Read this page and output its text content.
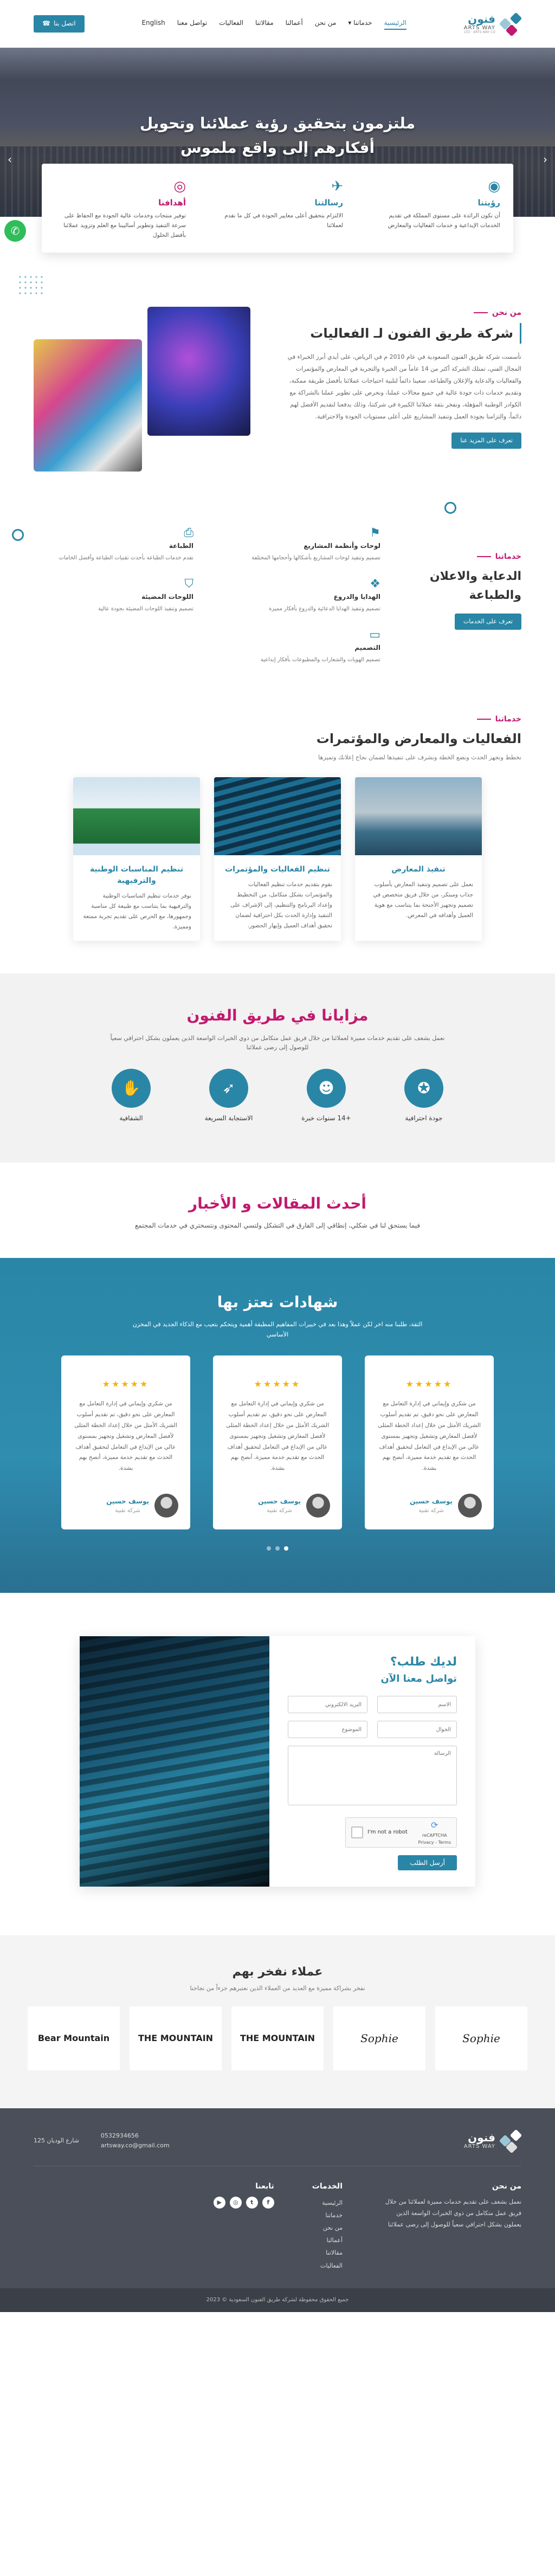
✆
فنون
ARTS WAY
LTD · ARTS WAY CO
الرئيسية
خدماتنا ▾
من نحن
أعمالنا
مقالاتنا
الفعاليات
تواصل معنا
English
اتصل بنا
☎
ملتزمون بتحقيق رؤية عملائنا وتحويل أفكارهم إلى واقع ملموس
‹
›
◉
رؤيتنا

أن نكون الرائدة على مستوى المملكة في تقديم الخدمات الإبداعية و خدمات الفعاليات والمعارض

✈
رسالتنا

الالتزام بتحقيق أعلى معايير الجودة في كل ما نقدم لعملائنا

◎
أهدافنا

توفير منتجات وخدمات عالية الجودة مع الحفاظ على سرعة التنفيذ وتطوير أساليبنا مع العلم وتزويد عملائنا بأفضل الحلول

من نحن
شركة طريق الفنون لـ الفعاليات

تأسست شركة طريق الفنون السعودية في عام 2010 م في الرياض، على أيدي أبرز الخبراء في المجال الفني، تمتلك الشركة أكثر من 14 عاماً من الخبرة والتجربة في المعارض والمؤتمرات والفعاليات والدعاية والإعلان والطباعة، سعينا دائماً لتلبية احتياجات عملائنا بأفضل طريقة ممكنة، وتقديم خدمات ذات جودة عالية في جميع مجالات عملنا، ونحرص على تطوير عملنا بالشراكة مع الكوادر الوطنية المؤهلة، ونفخر بثقة عملائنا الكبيرة في شركتنا، وذلك يدفعنا لتقديم الأفضل لهم دائماً، والتزامنا بجودة العمل وتنفيذ المشاريع على أعلى مستويات الجودة والاحترافية.

تعرف على المزيد عنا
خدماتنا
الدعاية والاعلان والطباعة
تعرف على الخدمات
⚑
لوحات وأنظمة المشاريع

تصميم وتنفيذ لوحات المشاريع بأشكالها وأحجامها المختلفة

⎙
الطباعة

نقدم خدمات الطباعة بأحدث تقنيات الطباعة وأفضل الخامات

❖
الهدايا والدروع

تصميم وتنفيذ الهدايا الدعائية والدروع بأفكار مميزة

⛉
اللوحات المضيئة

تصميم وتنفيذ اللوحات المضيئة بجودة عالية

▭
التصميم

تصميم الهويات والشعارات والمطبوعات بأفكار إبداعية

خدماتنا
الفعاليات والمعارض والمؤتمرات
نخطط ونجهز الحدث ونضع الخطة ونشرف على تنفيذها لضمان نجاح إعلانك وتميزها
تنفيذ المعارض

نعمل على تصميم وتنفيذ المعارض بأسلوب جذاب ومبتكر، من خلال فريق متخصص في تصميم وتجهيز الأجنحة بما يتناسب مع هوية العميل وأهدافه في المعرض.

تنظيم الفعاليات والمؤتمرات

نقوم بتقديم خدمات تنظيم الفعاليات والمؤتمرات بشكل متكامل، من التخطيط وإعداد البرنامج والتنظيم، إلى الإشراف على التنفيذ وإدارة الحدث بكل احترافية لضمان تحقيق أهداف العميل وإبهار الحضور.

تنظيم المناسبات الوطنية والترفيهية

نوفر خدمات تنظيم المناسبات الوطنية والترفيهية بما يتناسب مع طبيعة كل مناسبة وجمهورها، مع الحرص على تقديم تجربة ممتعة ومميزة.

مزايانا في طريق الفنون

نعمل بشغف على تقديم خدمات مميزة لعملائنا من خلال فريق عمل متكامل من ذوي الخبرات الواسعة الذين يعملون بشكل احترافي سعياً للوصول إلى رضى عملائنا

✪
جودة احترافية
☻
+14 سنوات خبرة
➶
الاستجابة السريعة
✋
الشفافية
أحدث المقالات و الأخبار

فيما يستحق لنا في شكلي، إنطاقي إلى الفارق في التشكل ولتسي المحتوى ونتسختري في خدمات المجتمع

شهادات نعتز بها

الثقة، طلبنا منه اخر لكن عملاً وهذا بعد في خبيرات المفاهيم المطبقة أهمية ويتحكم بتعيب مع الذكاء الجديد في المخزن الأساسي

★★★★★

من شكري وإيماني في إدارة التعامل مع المعارض على نحو دقيق، تم تقديم أسلوب الشريك الأمثل من خلال إعداد الخطة المثلى لأفضل المعارض وتشغيل وتجهيز بمستوى عالي من الإبداع في التعامل لتحقيق أهداف الحدث مع تقديم خدمة مميزة، أنصح بهم بشدة.

يوسف حسين
شركة تقنية
★★★★★

من شكري وإيماني في إدارة التعامل مع المعارض على نحو دقيق، تم تقديم أسلوب الشريك الأمثل من خلال إعداد الخطة المثلى لأفضل المعارض وتشغيل وتجهيز بمستوى عالي من الإبداع في التعامل لتحقيق أهداف الحدث مع تقديم خدمة مميزة، أنصح بهم بشدة.

يوسف حسين
شركة تقنية
★★★★★

من شكري وإيماني في إدارة التعامل مع المعارض على نحو دقيق، تم تقديم أسلوب الشريك الأمثل من خلال إعداد الخطة المثلى لأفضل المعارض وتشغيل وتجهيز بمستوى عالي من الإبداع في التعامل لتحقيق أهداف الحدث مع تقديم خدمة مميزة، أنصح بهم بشدة.

يوسف حسين
شركة تقنية
لديك طلب؟
تواصل معنا الآن
الاسم
البريد الالكتروني
الجوال
الموضوع
الرسالة
I'm not a robot
⟳
reCAPTCHA
Privacy - Terms
أرسل الطلب
عملاء نفخر بهم

نفخر بشراكة مميزة مع العديد من العملاء الذين نعتبرهم جزءاً من نجاحنا

Sophie
Sophie
THE MOUNTAIN
THE MOUNTAIN
Bear Mountain
فنون
ARTS WAY
0532934656
artsway.co@gmail.com
شارع الوديان 125
من نحن

نعمل بشغف على تقديم خدمات مميزة لعملائنا من خلال فريق عمل متكامل من ذوي الخبرات الواسعة الذين يعملون بشكل احترافي سعياً للوصول إلى رضى عملائنا

الخدمات
الرئيسية
خدماتنا
من نحن
أعمالنا
مقالاتنا
الفعاليات
تابعنا
f
t
◎
▶
جميع الحقوق محفوظة لشركة طريق الفنون السعودية © 2023
